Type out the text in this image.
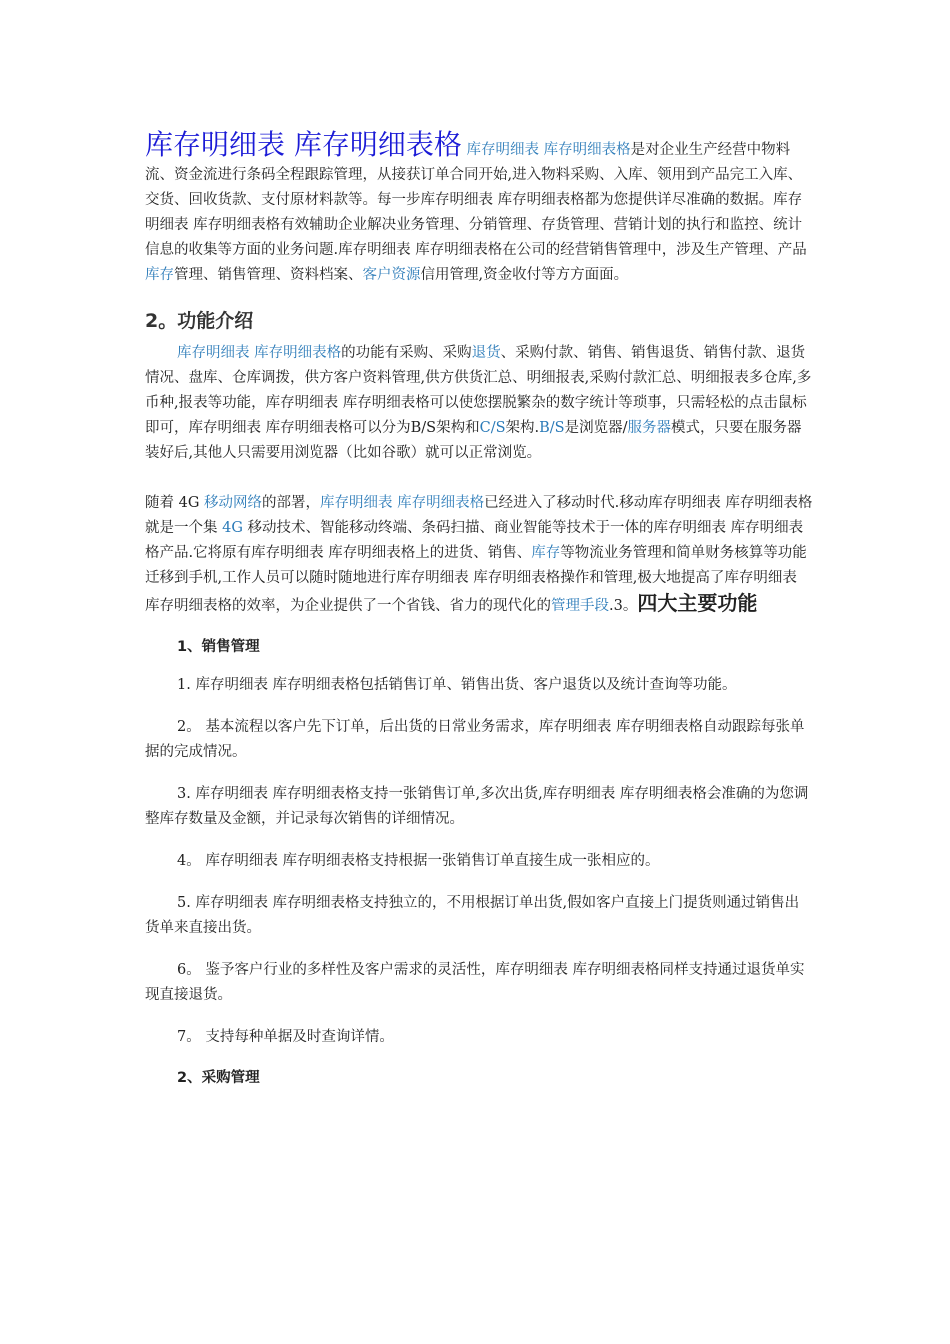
库存明细表 库存明细表格 库存明细表 库存明细表格是对企业生产经营中物料流、资金流进行条码全程跟踪管理，从接获订单合同开始,进入物料采购、入库、领用到产品完工入库、交货、回收货款、支付原材料款等。每一步库存明细表 库存明细表格都为您提供详尽准确的数据。库存明细表 库存明细表格有效辅助企业解决业务管理、分销管理、存货管理、营销计划的执行和监控、统计信息的收集等方面的业务问题.库存明细表 库存明细表格在公司的经营销售管理中，涉及生产管理、产品库存管理、销售管理、资料档案、客户资源信用管理,资金收付等方方面面。

2。功能介绍

库存明细表 库存明细表格的功能有采购、采购退货、采购付款、销售、销售退货、销售付款、退货情况、盘库、仓库调拨，供方客户资料管理,供方供货汇总、明细报表,采购付款汇总、明细报表多仓库,多币种,报表等功能，库存明细表 库存明细表格可以使您摆脱繁杂的数字统计等琐事，只需轻松的点击鼠标即可，库存明细表 库存明细表格可以分为B/S架构和C/S架构.B/S是浏览器/服务器模式，只要在服务器装好后,其他人只需要用浏览器（比如谷歌）就可以正常浏览。

随着 4G 移动网络的部署，库存明细表 库存明细表格已经进入了移动时代.移动库存明细表 库存明细表格就是一个集 4G 移动技术、智能移动终端、条码扫描、商业智能等技术于一体的库存明细表 库存明细表格产品.它将原有库存明细表 库存明细表格上的进货、销售、库存等物流业务管理和简单财务核算等功能迁移到手机,工作人员可以随时随地进行库存明细表 库存明细表格操作和管理,极大地提高了库存明细表 库存明细表格的效率，为企业提供了一个省钱、省力的现代化的管理手段.3。四大主要功能

1、销售管理

1. 库存明细表 库存明细表格包括销售订单、销售出货、客户退货以及统计查询等功能。

2。 基本流程以客户先下订单，后出货的日常业务需求，库存明细表 库存明细表格自动跟踪每张单据的完成情况。

3. 库存明细表 库存明细表格支持一张销售订单,多次出货,库存明细表 库存明细表格会准确的为您调整库存数量及金额，并记录每次销售的详细情况。

4。 库存明细表 库存明细表格支持根据一张销售订单直接生成一张相应的。

5. 库存明细表 库存明细表格支持独立的，不用根据订单出货,假如客户直接上门提货则通过销售出货单来直接出货。

6。 鉴予客户行业的多样性及客户需求的灵活性，库存明细表 库存明细表格同样支持通过退货单实现直接退货。

7。 支持每种单据及时查询详情。

2、采购管理
